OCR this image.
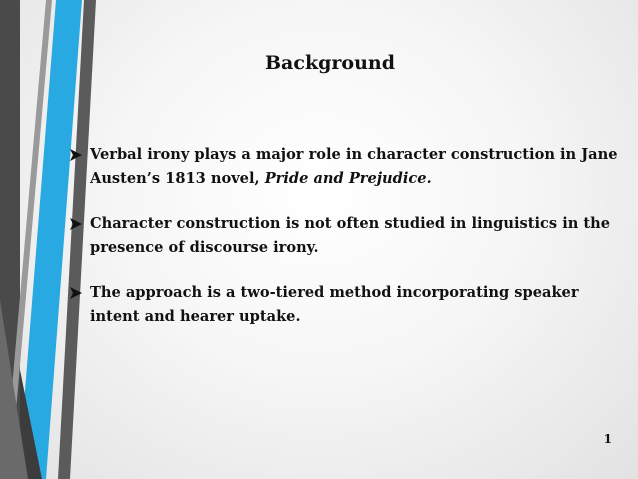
Background
Verbal irony plays a major role in character construction in Jane Austen’s 1813 novel, Pride and Prejudice.
Character construction is not often studied in linguistics in the presence of discourse irony.
The approach is a two-tiered method incorporating speaker intent and hearer uptake.
1
